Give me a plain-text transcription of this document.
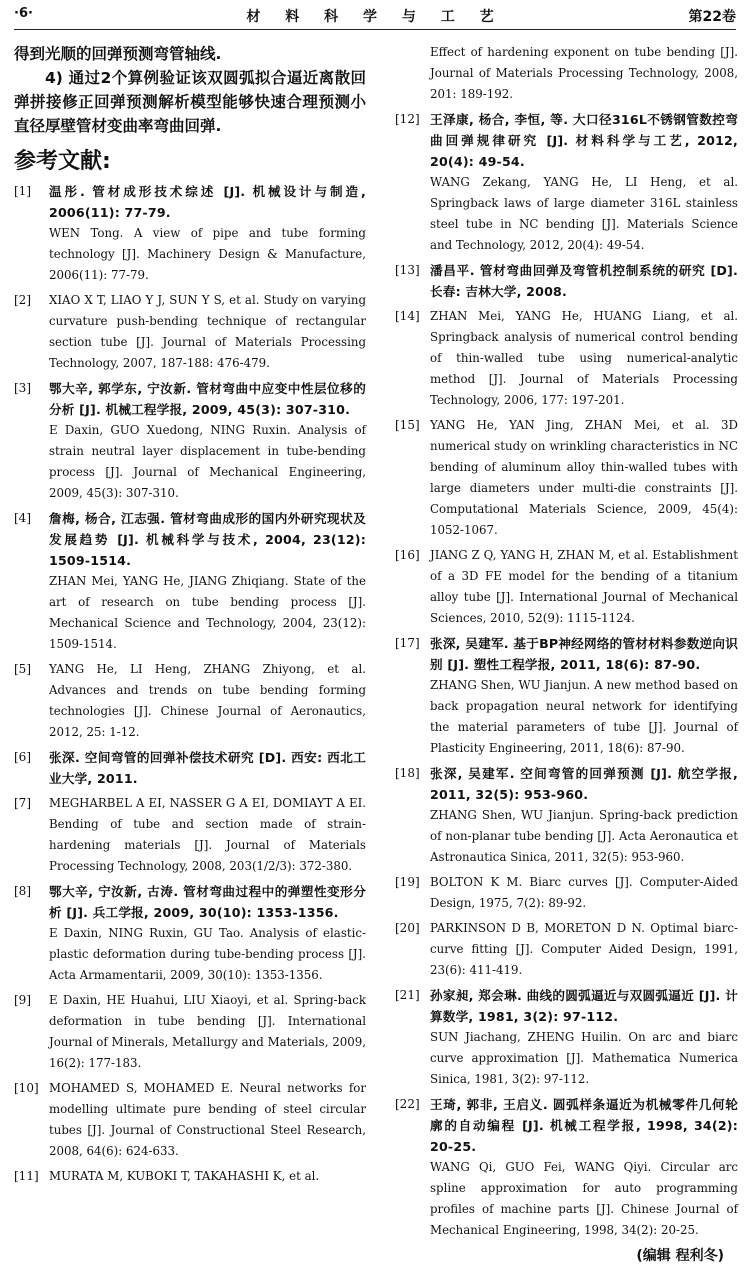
·6·	材 料 科 学 与 工 艺	第22卷

得到光顺的回弹预测弯管轴线.

4) 通过2个算例验证该双圆弧拟合逼近离散回弹拼接修正回弹预测解析模型能够快速合理预测小直径厚壁管材变曲率弯曲回弹.

参考文献:
[1] 温彤. 管材成形技术综述 [J]. 机械设计与制造, 2006(11): 77-79.
WEN Tong. A view of pipe and tube forming technology [J]. Machinery Design & Manufacture, 2006(11): 77-79.
[2] XIAO X T, LIAO Y J, SUN Y S, et al. Study on varying curvature push-bending technique of rectangular section tube [J]. Journal of Materials Processing Technology, 2007, 187-188: 476-479.
[3] 鄂大辛, 郭学东, 宁汝新. 管材弯曲中应变中性层位移的分析 [J]. 机械工程学报, 2009, 45(3): 307-310.
E Daxin, GUO Xuedong, NING Ruxin. Analysis of strain neutral layer displacement in tube-bending process [J]. Journal of Mechanical Engineering, 2009, 45(3): 307-310.
[4] 詹梅, 杨合, 江志强. 管材弯曲成形的国内外研究现状及发展趋势 [J]. 机械科学与技术, 2004, 23(12): 1509-1514.
ZHAN Mei, YANG He, JIANG Zhiqiang. State of the art of research on tube bending process [J]. Mechanical Science and Technology, 2004, 23(12): 1509-1514.
[5] YANG He, LI Heng, ZHANG Zhiyong, et al. Advances and trends on tube bending forming technologies [J]. Chinese Journal of Aeronautics, 2012, 25: 1-12.
[6] 张深. 空间弯管的回弹补偿技术研究 [D]. 西安: 西北工业大学, 2011.
[7] MEGHARBEL A EI, NASSER G A EI, DOMIAYT A EI. Bending of tube and section made of strain-hardening materials [J]. Journal of Materials Processing Technology, 2008, 203(1/2/3): 372-380.
[8] 鄂大辛, 宁汝新, 古涛. 管材弯曲过程中的弹塑性变形分析 [J]. 兵工学报, 2009, 30(10): 1353-1356.
E Daxin, NING Ruxin, GU Tao. Analysis of elastic-plastic deformation during tube-bending process [J]. Acta Armamentarii, 2009, 30(10): 1353-1356.
[9] E Daxin, HE Huahui, LIU Xiaoyi, et al. Spring-back deformation in tube bending [J]. International Journal of Minerals, Metallurgy and Materials, 2009, 16(2): 177-183.
[10] MOHAMED S, MOHAMED E. Neural networks for modelling ultimate pure bending of steel circular tubes [J]. Journal of Constructional Steel Research, 2008, 64(6): 624-633.
[11] MURATA M, KUBOKI T, TAKAHASHI K, et al.
Effect of hardening exponent on tube bending [J]. Journal of Materials Processing Technology, 2008, 201: 189-192.
[12] 王泽康, 杨合, 李恒, 等. 大口径316L不锈钢管数控弯曲回弹规律研究 [J]. 材料科学与工艺, 2012, 20(4): 49-54.
WANG Zekang, YANG He, LI Heng, et al. Springback laws of large diameter 316L stainless steel tube in NC bending [J]. Materials Science and Technology, 2012, 20(4): 49-54.
[13] 潘昌平. 管材弯曲回弹及弯管机控制系统的研究 [D]. 长春: 吉林大学, 2008.
[14] ZHAN Mei, YANG He, HUANG Liang, et al. Springback analysis of numerical control bending of thin-walled tube using numerical-analytic method [J]. Journal of Materials Processing Technology, 2006, 177: 197-201.
[15] YANG He, YAN Jing, ZHAN Mei, et al. 3D numerical study on wrinkling characteristics in NC bending of aluminum alloy thin-walled tubes with large diameters under multi-die constraints [J]. Computational Materials Science, 2009, 45(4): 1052-1067.
[16] JIANG Z Q, YANG H, ZHAN M, et al. Establishment of a 3D FE model for the bending of a titanium alloy tube [J]. International Journal of Mechanical Sciences, 2010, 52(9): 1115-1124.
[17] 张深, 吴建军. 基于BP神经网络的管材材料参数逆向识别 [J]. 塑性工程学报, 2011, 18(6): 87-90.
ZHANG Shen, WU Jianjun. A new method based on back propagation neural network for identifying the material parameters of tube [J]. Journal of Plasticity Engineering, 2011, 18(6): 87-90.
[18] 张深, 吴建军. 空间弯管的回弹预测 [J]. 航空学报, 2011, 32(5): 953-960.
ZHANG Shen, WU Jianjun. Spring-back prediction of non-planar tube bending [J]. Acta Aeronautica et Astronautica Sinica, 2011, 32(5): 953-960.
[19] BOLTON K M. Biarc curves [J]. Computer-Aided Design, 1975, 7(2): 89-92.
[20] PARKINSON D B, MORETON D N. Optimal biarc-curve fitting [J]. Computer Aided Design, 1991, 23(6): 411-419.
[21] 孙家昶, 郑会琳. 曲线的圆弧逼近与双圆弧逼近 [J]. 计算数学, 1981, 3(2): 97-112.
SUN Jiachang, ZHENG Huilin. On arc and biarc curve approximation [J]. Mathematica Numerica Sinica, 1981, 3(2): 97-112.
[22] 王琦, 郭非, 王启义. 圆弧样条逼近为机械零件几何轮廓的自动编程 [J]. 机械工程学报, 1998, 34(2): 20-25.
WANG Qi, GUO Fei, WANG Qiyi. Circular arc spline approximation for auto programming profiles of machine parts [J]. Chinese Journal of Mechanical Engineering, 1998, 34(2): 20-25.
(编辑 程利冬)
